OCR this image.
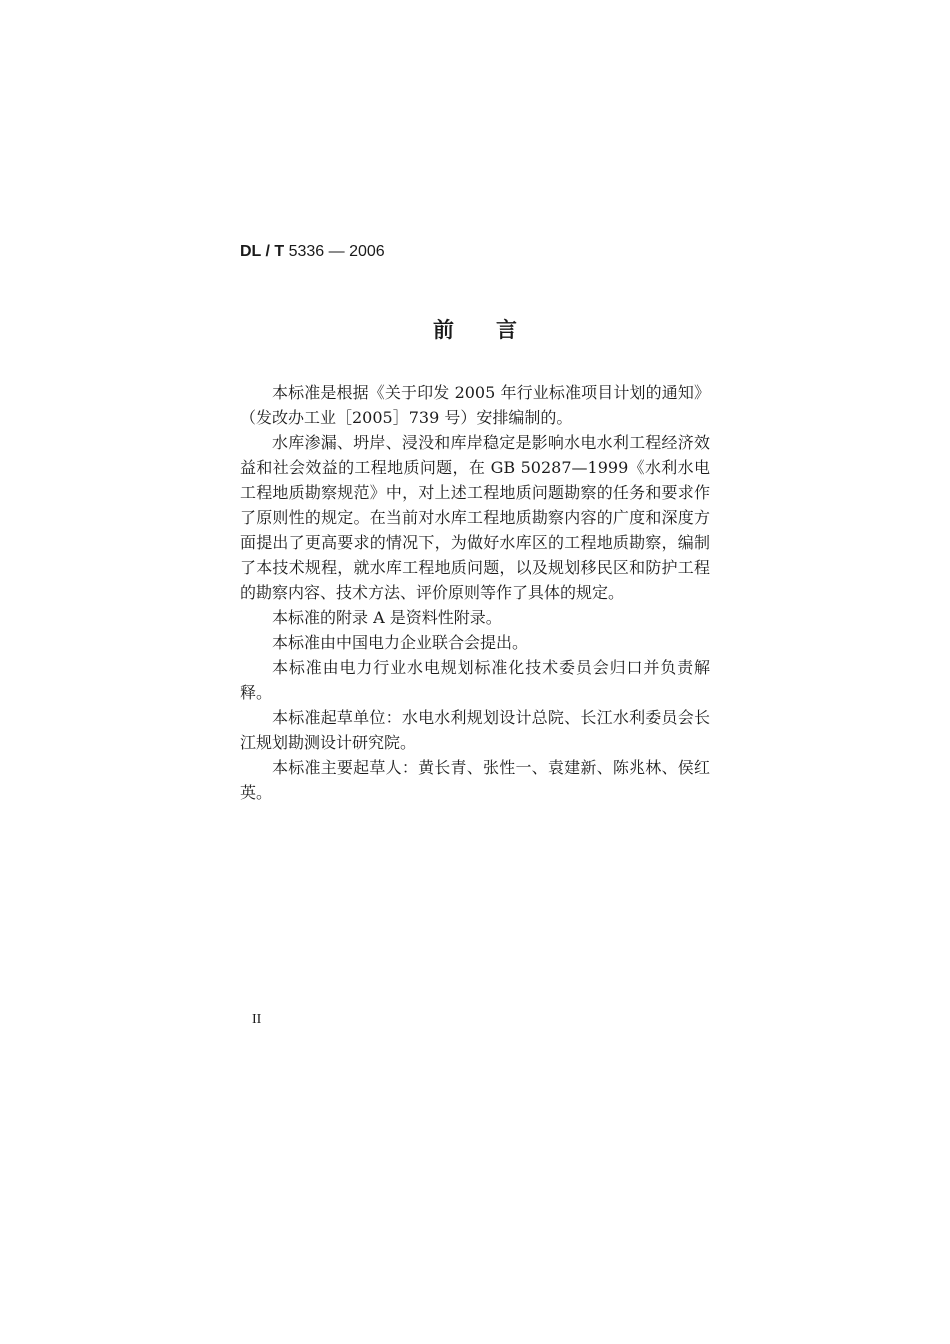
DL / T 5336 — 2006
前言

本标准是根据《关于印发 2005 年行业标准项目计划的通知》（发改办工业［2005］739 号）安排编制的。

水库渗漏、坍岸、浸没和库岸稳定是影响水电水利工程经济效益和社会效益的工程地质问题，在 GB 50287—1999《水利水电工程地质勘察规范》中，对上述工程地质问题勘察的任务和要求作了原则性的规定。在当前对水库工程地质勘察内容的广度和深度方面提出了更高要求的情况下，为做好水库区的工程地质勘察，编制了本技术规程，就水库工程地质问题，以及规划移民区和防护工程的勘察内容、技术方法、评价原则等作了具体的规定。

本标准的附录 A 是资料性附录。

本标准由中国电力企业联合会提出。

本标准由电力行业水电规划标准化技术委员会归口并负责解释。

本标准起草单位：水电水利规划设计总院、长江水利委员会长江规划勘测设计研究院。

本标准主要起草人：黄长青、张性一、袁建新、陈兆林、侯红英。

II
